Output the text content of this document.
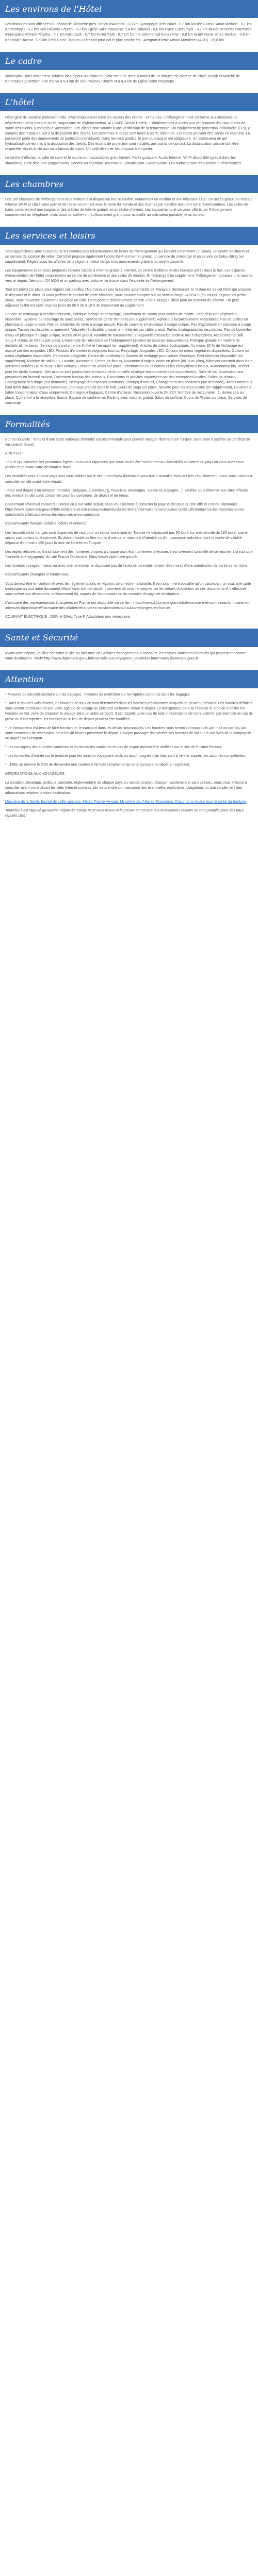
Les environs de l'Hôtel

Les distances sont affichées au départ de Kilomètre près Station d'Abattoir - 0,3 km Synagogue Beth Israël - 0,3 km Musée Gazan Sanat Merkezi - 0,1 km Kordonboyu - 0,2 km Seo Pallavry Church - 0,3 km Église Saint Polycarpe 0,4 km Kabatas - 0,6 km Place Cumhuriyet - 0,7 km Musée et centre d'archives municipales Ahmed Piriştina - 0,7 km Kültürpark - 0,7 km Kültür Park - 0,7 km Centre commercial Konak Pier - 0,8 km Israël Yavuz Sinan Merkez - 0,9 km Konorak? Bazaar - 0,9 km Fethi Cami - 0,9 km L'aéroport principal le plus proche est : Aéroport d'Izmir Adnan Menderes (ADB) - 15,8 km

Le cadre

Mövenpick Hotel Izmir est la solution idéale pour un séjour en plein cœur de Izmir, à moins de 10 minutes de marche de Place Konak et Marché de Konorak10 Quart5tier. Il se trouve à 0,4 km de Seo Pallavry Church et à 0,4 km de Église Saint Polycarpe.

L'hôtel

Hôtel géré de manière professionnelle, Interrompu preset entre les séjours des clients - 24 heures. L'hébergement est conforme aux directives de désinfection de la marque ou de l'organisme de réglementation. ALLSAFE (Accor Hotels). L'établissement a accès aux vérifications des documents de santé des clients, y compris la vaccination. Les clients sont soumis à une vérification de la température. Un équipement de protection individuelle (ÉPI), y compris des masques, est à la disposition des clients. Les serviettes et draps sont lavés à 60 °C minimum. Les repas peuvent être servis en chambre. Le personnel porte des équipements de protection individuelle. Dans les lieux publics, le port du masque est obligatoire. Un distributeur de gel hydroalcoolique est mis à la disposition des clients. Des écrans de protection sont installés aux points de contact. La distanciation sociale doit être respectée. Accès limité aux installations de loisirs. Un petit-déjeuner est proposé à emporter.

Le centre d'affaires, la salle de sport et le sauna sont accessibles gratuitement. Parking payant. Accès Internet. Wi-Fi disponible (gratuit dans les chambres). Petit-déjeuner (supplément). Service en chambre. Ascenseur. Climatisation. Green Globe. Les surfaces sont fréquemment désinfectées.

Les chambres

Les 185 chambres de l'hébergement vous mettent à la disposition tout le confort, notamment un minibar et une télévision LCD. Un accès gratuit au réseau Internet Wi-Fi et câblé vous permet de rester en contact avec le reste du monde et des chaînes par satellite assurent votre divertissement. Les salles de bains comprennent une baignoire, des articles de toilette gratuits et un sèche-cheveux. Les équipements et services offerts par l'hébergement comprennent un téléphone, mais aussi un coffre-fort (suffisamment grand pour accueillir un ordinateur portable) et un bureau.

Les services et loisirs

Vous apprécierez sans aucun doute les nombreuses infrastructures de loisirs de l'hébergement qui incluent notamment un sauna, un centre de fitness et un service de location de vélos. Cet hôtel propose également l'accès Wi-Fi à Internet gratuit, un service de concierge et un service de baby-sitting (en supplément). Réglez-vous les affaires de la région en deux temps trois mouvements grâce à la navette payante.

Les équipements et services proposés incluent l'accès à Internet gratuit à Internet, un centre d'affaires et des bureaux gérés dans le hall. Les espaces événementiels de l'hôtel comprennent un centre de conférence et des salles de réunion. En échange d'un supplément, l'hébergement propose une navette vers et depuis l'aéroport (24 h/24) et un parking avec voiturier se trouve dans l'enceinte de l'hébergement.

Tout est prévu sur place pour régaler vos papilles ! Ne manquez pas la cuisine gourmande de Mangiare Restaurant, le restaurant de cet hôtel qui propose le déjeuner et le dîner. Si vous préférez le confort de votre chambre, vous pourrez compter sur un service étage 24 h/24 h (en cours). Et pour les petits creux, vous trouverez également sur place un café. Dans portent l'hébergement décrite 2 bars-lounges, idéal pour un moment de détente. Un petit déjeuner buffet est servi tous les jours de 06 h 30 à 10 h 30 moyennant un supplément.

Service de nettoyage à sec/blanchisserie, Politique globale de recyclage, Distributeur de savon pour articles de toilette, Petit-déjeuner végétarien disponible, Système de recyclage de eaux usées, Service de garde d'enfants (en supplément), Aphaltous locaux/aliments recyclables, Pas de pailles en plastique à usage unique, Pas de bouteilles de verre à usage unique, Pas de couverts en plastique à usage unique, Pas d'agitateurs en plastique à usage unique, Tasses réutilisables uniquement, Vaisselle réutilisable uniquement, Internet par câble gratuit, Pailles biodégradables recyclables, Pas de bouteilles d'eau en plastique à usage unique, Accès Wi-Fi gratuit, Nombre de bars/salons : 2, Appareils d'exercice auditive mis à disposition, Accès Internet wifi, Sous 4 chiens de chiens par place, L'ensemble de l'électricité de l'hébergement provient de sources renouvelables, Politique globale en matière de déchets alimentaires, Service de transfert entre l'hôtel et l'aéroport (en supplément), Articles de toilette écologiques, Au moins 80 % de l'éclairage est assuré par des ampoules LED, Produits d'entretien écologiques fournis, Recyclage, Ampoules LED, Options de menu végétalien disponibles, Options de menu végétarien disponibles, Personnel polyglotte, Centre de conférences, Bornes de recharge pour voiture électrique, Petit-déjeuner disponible (en supplément), Nombre de salles : 1, Laverie, Ascenseur, Centre de fitness, Nourriture d'origine locale en place (80 % ou plus), Bâtiment construit dans les 5 dernières années (10 % ou plus des achats), Location de vélos sur place, Informations sur la culture et les écosystèmes locaux, Alimentation bio, Vérifier pour les droits humains, Des actions sont poursuivies en faveur de la nouvelle stratégie environnementale (supplément), Salle de bal, Accessible aux personnes en fauteuil roulant, Traitement humain des animaux, Excursions et activités organisées par des entreprises locales, Salles de réunion, Changement des draps (sur demande), Nettoyage des espaces communs, Salon(s) d'accueil, Changement des serviettes (sur demande), Accès Internet à haut débit dans les espaces communs, Journaux gratuits dans le hall, Cours de yoga sur place, Navette pour les sites locaux (en supplément), Douches à faible consommation d'eau uniquement, Consigne à bagages, Centre d'affaires, Réception ouverte 24 h/24, Nombre de restaurants : 1, Suites spa sur place, Coffre-fort à la réception, Sauna, Espace de conférence, Parking avec voiturier gratuit, Salon de coiffure, Cours de Pilates sur place, Services de concierge

Formalités

Bonne nouvelle : l'emploi d'une carte nationale d'identité est recommandé pour pouvoir voyager librement en Turquie, sans avoir à justifier un certificat de vaccination Covid.

A NOTER :

- En ce qui concerne les personnes âgées, nous vous rappelons que vous devez être conformes aux formalités sanitaires du pays ou vous allez vous rendre et ce avant votre destination finale.

Les modalités pour chaque pays sont consultables sur le site https://www.diplomatie.gouv.fr/fr/ L'actualité évoluant très régulièrement, nous vous invitons à consulter ce site avant votre départ.

- Pour tout départ d'un aéroport frontalier (Belgique, Luxembourg, Pays-Bas, Allemagne, Suisse ou Espagne...), veuillez vous informer aux sites officiels des ministères des pays concernés pour les conditions de départ et de retour.

Concernant l'éventuel impact du Coronavirus sur votre séjour, nous vous invitons à consulter la page ci-dessous du site officiel France-Diplomatie : https://www.diplomatie.gouv.fr/fr/le-ministere-et-son-reseau/actualites-du-ministere/informations-coronavirus-covid-19/coronavirus-les-reponses-a-vos-questions/article/coronavirus-les-reponses-a-vos-questions

Ressortissants français (adultes, bébés et enfants) :

Les ressortissants français sont dispensés de visa pour un séjour touristique en Turquie ne dépassant pas 90 jours sur une période de 180 jours, que le séjour soit continu ou fractionné. Ils doivent toutefois être munis d'une carte nationale d'identité ou d'un passeport individuel dont la durée de validité dépasse d'au moins 150 jours la date de l'entrée en Turquie.

Les règles relatives au franchissement des frontières propres à chaque pays étant amenées à évoluer, il est vivement conseillé de se reporter à la rubrique "conseils aux voyageurs" du site France Diplomatie. https://www.diplomatie.gouv.fr

Les mineurs voyageant seuls ou avec une personne ne disposant pas de l'autorité parentale doivent être munis d'une autorisation de sortie de territoire.

Ressortissants étrangers et binationaux :

Vous devrez être en conformité avec les réglementations en vigueur, selon votre nationalité. Il est notamment possible qu'un passeport, un visa, une carte touristique ou tout autre document officiel vous soit demandé. Il convient de vous renseigner sur les détails d'obtention de ces documents et d'effectuer vous-même vos démarches, suffisamment tôt, auprès de l'ambassade ou du consulat du pays de destination.

L'annuaire des représentations étrangères en France est disponible via ce lien : https://www.diplomatie.gouv.fr/fr/le-ministere-et-son-reseau/annuaires-et-adresses-du-ministere/l-annuaire-des-affaires-etrangeres-missionnaires-consulats-etrangers-en-france/

COURANT ÉLECTRIQUE : 220V et 50Hz, Type F. Adaptateur non nécessaire.

Santé et Sécurité

Avant votre départ, veuillez consulter le site du ministère des Affaires étrangères pour connaître les risques sanitaires éventuels qui peuvent concerner votre destination : href="http://www.diplomatie.gouv.fr/fr/conseils-aux-voyageurs_909/index.html">www.diplomatie.gouv.fr

Attention

* Mesures de sécurité sanitaire sur les bagages : mesures de restriction sur les liquides contenus dans les bagages

* Dans le cas des vols charter, les horaires de tous ce sont déterminés dans les horaires prévisionnels lesquels ne peuvent prévaloir. Les horaires définitifs vous seront communiqués par votre agence de voyage au plus tard 24 heures avant le départ. Le transporteur peut se réserver le droit de modifier les horaires de vol, voire de proposer le voyage dans un autre aéroport. Il est rappelé qu'en cas de faits indépendants de notre volonté, par exemple en cas de grève ou d'intempéries, les horaires ou le lieu de départ peuvent être modifiés.

* Le transporteur est tenu de faire fonctionner le transport dans les délais raisonnables. Les horaires vous seront communiqués par mail ou par fax, par votre connexion de réservation dans les 48 heures précédant le départ. Chaque passager doit vérifier ses horaires de vol sur le site Web de la compagnie ou auprès de l'aéroport.

* Les consignes des autorités sanitaires et les formalités sanitaires en cas de risque doivent être vérifiées sur le site de l'Institut Pasteur.

* Les formalités d'entrée sur le territoire pour les mineurs voyageant seuls ou accompagnés d'un tiers sont à vérifier auprès des autorités compétentes.

* L'hôtel se réserve le droit de demander une caution à l'arrivée (empreinte de carte bancaire ou dépôt en espèces).

INFORMATIONS AUX VOYAGEURS :

La situation climatique, politique, sanitaire, réglementaire de chaque pays du monde pouvant changer rapidement et sans préavis, nous vous invitons à consulter avant votre départ les sites Internet suivants afin de prendre connaissance des éventuelles restrictions, obligations ou tout simplement des informations relatives à votre destination.

Ministère de la Santé, Institut de veille sanitaire, Météo France Voyage, Ministère des Affaires Étrangères, Documents légaux pour la sortie du territoire

Toutefois il est rappelé qu'aucune région du monde n'est sans risque et la preuve en est que des événements récents se sont produits dans des pays réputés sûrs.
